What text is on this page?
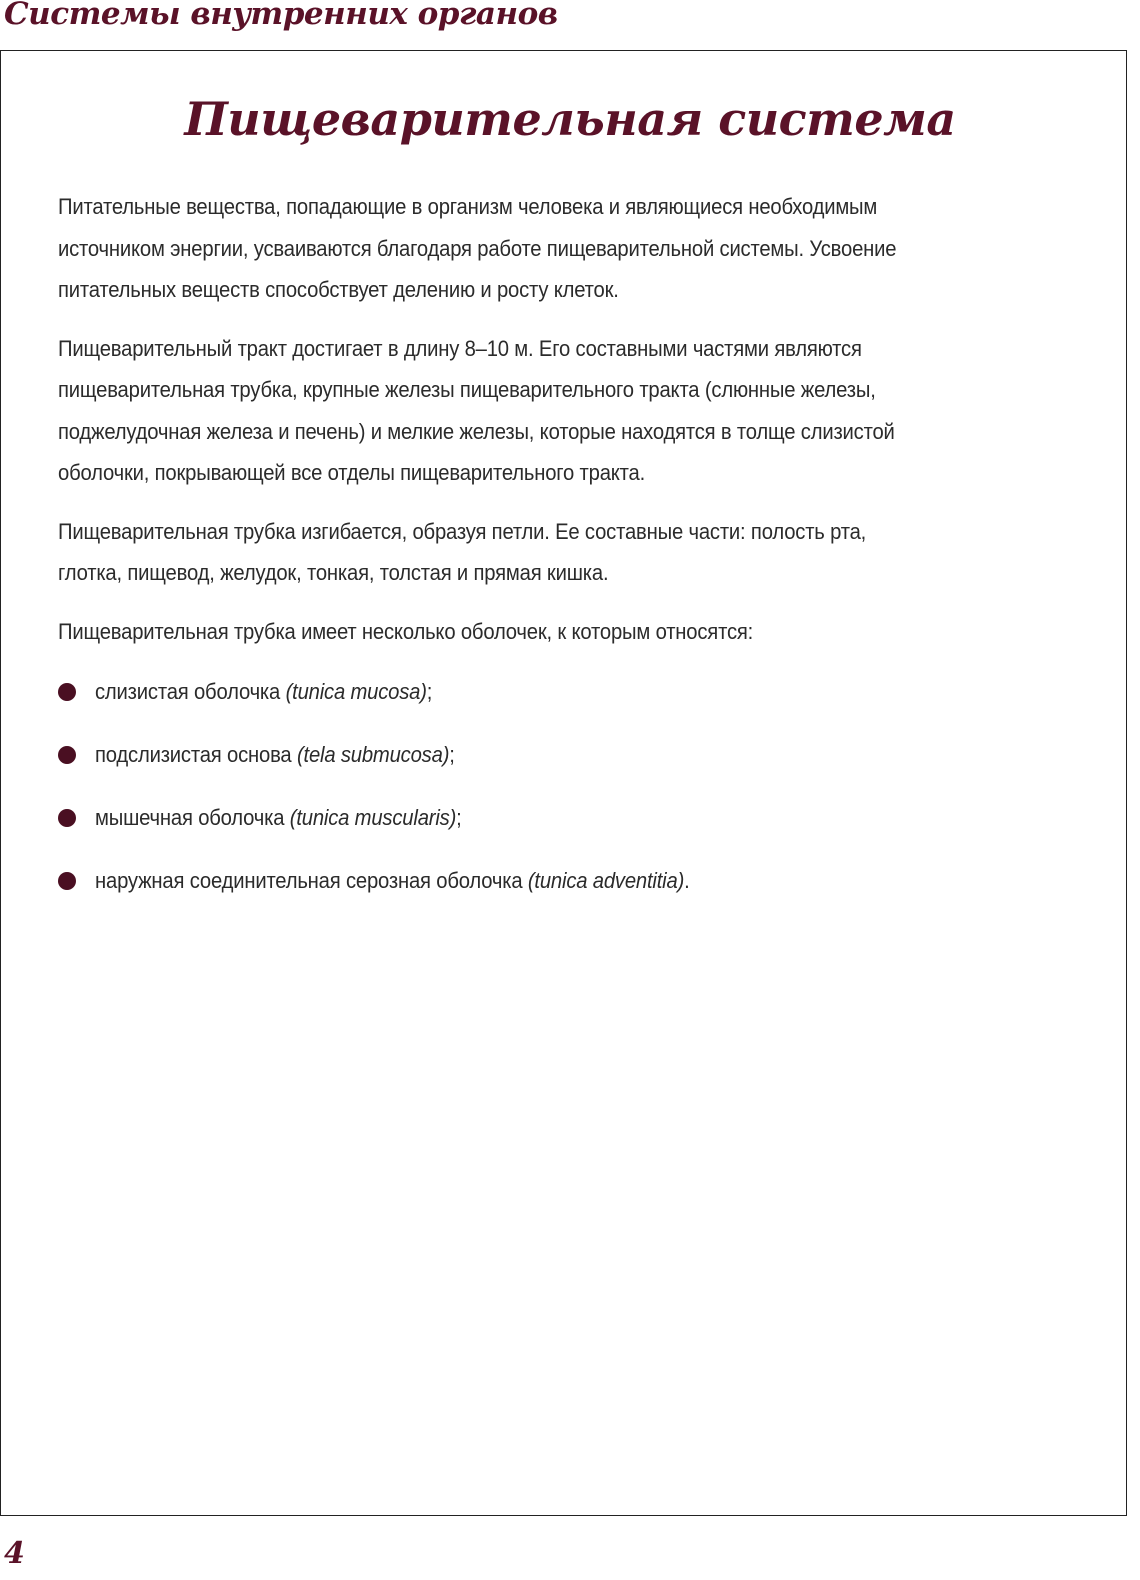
Системы внутренних органов
Пищеварительная система

Питательные вещества, попадающие в организм человека и являющиеся необходимым
источником энергии, усваиваются благодаря работе пищеварительной системы. Усвоение
питательных веществ способствует делению и росту клеток.

Пищеварительный тракт достигает в длину 8–10 м. Его составными частями являются
пищеварительная трубка, крупные железы пищеварительного тракта (слюнные железы,
поджелудочная железа и печень) и мелкие железы, которые находятся в толще слизистой
оболочки, покрывающей все отделы пищеварительного тракта.

Пищеварительная трубка изгибается, образуя петли. Ее составные части: полость рта,
глотка, пищевод, желудок, тонкая, толстая и прямая кишка.

Пищеварительная трубка имеет несколько оболочек, к которым относятся:

слизистая оболочка (tunica mucosa);
подслизистая основа (tela submucosa);
мышечная оболочка (tunica muscularis);
наружная соединительная серозная оболочка (tunica adventitia).
4
